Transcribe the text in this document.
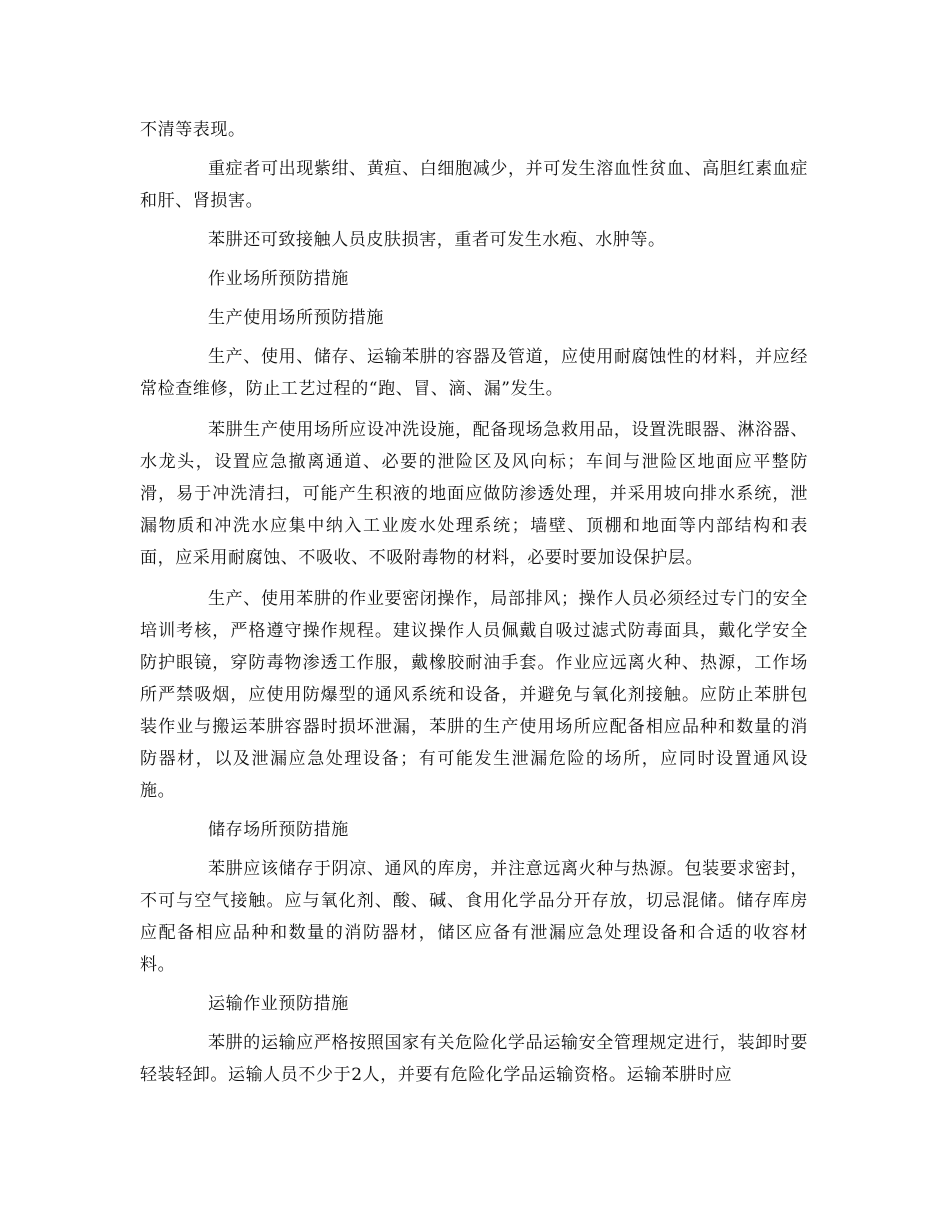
不清等表现。

重症者可出现紫绀、黄疸、白细胞减少，并可发生溶血性贫血、高胆红素血症和肝、肾损害。

苯肼还可致接触人员皮肤损害，重者可发生水疱、水肿等。

作业场所预防措施

生产使用场所预防措施

生产、使用、储存、运输苯肼的容器及管道，应使用耐腐蚀性的材料，并应经常检查维修，防止工艺过程的“跑、冒、滴、漏”发生。

苯肼生产使用场所应设冲洗设施，配备现场急救用品，设置洗眼器、淋浴器、水龙头，设置应急撤离通道、必要的泄险区及风向标；车间与泄险区地面应平整防滑，易于冲洗清扫，可能产生积液的地面应做防渗透处理，并采用坡向排水系统，泄漏物质和冲洗水应集中纳入工业废水处理系统；墙壁、顶棚和地面等内部结构和表面，应采用耐腐蚀、不吸收、不吸附毒物的材料，必要时要加设保护层。

生产、使用苯肼的作业要密闭操作，局部排风；操作人员必须经过专门的安全培训考核，严格遵守操作规程。建议操作人员佩戴自吸过滤式防毒面具，戴化学安全防护眼镜，穿防毒物渗透工作服，戴橡胶耐油手套。作业应远离火种、热源，工作场所严禁吸烟，应使用防爆型的通风系统和设备，并避免与氧化剂接触。应防止苯肼包装作业与搬运苯肼容器时损坏泄漏，苯肼的生产使用场所应配备相应品种和数量的消防器材，以及泄漏应急处理设备；有可能发生泄漏危险的场所，应同时设置通风设施。

储存场所预防措施

苯肼应该储存于阴凉、通风的库房，并注意远离火种与热源。包装要求密封，不可与空气接触。应与氧化剂、酸、碱、食用化学品分开存放，切忌混储。储存库房应配备相应品种和数量的消防器材，储区应备有泄漏应急处理设备和合适的收容材料。

运输作业预防措施

苯肼的运输应严格按照国家有关危险化学品运输安全管理规定进行，装卸时要轻装轻卸。运输人员不少于2人，并要有危险化学品运输资格。运输苯肼时应
